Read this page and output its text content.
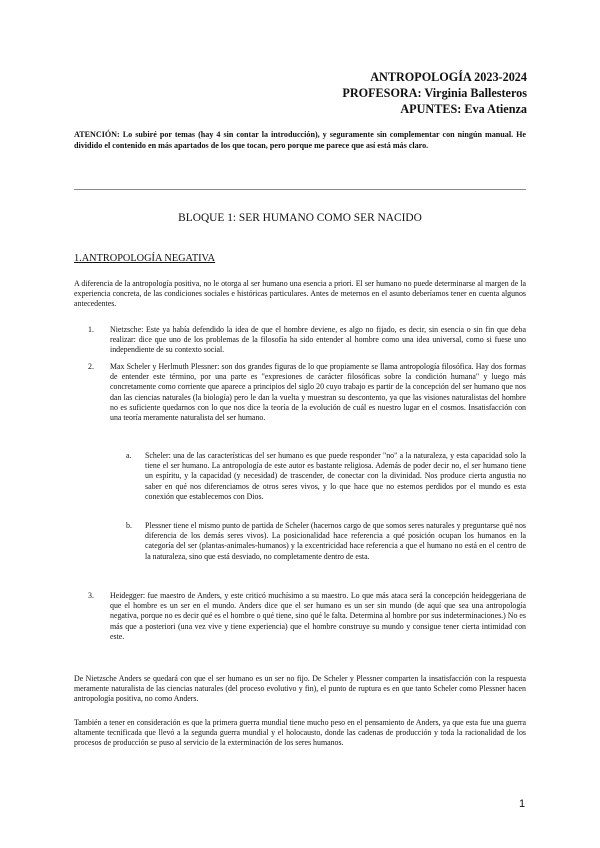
ANTROPOLOGÍA 2023-2024
PROFESORA: Virginia Ballesteros
APUNTES: Eva Atienza
ATENCIÓN: Lo subiré por temas (hay 4 sin contar la introducción), y seguramente sin complementar con ningún manual. He dividido el contenido en más apartados de los que tocan, pero porque me parece que así está más claro.
BLOQUE 1: SER HUMANO COMO SER NACIDO
1.ANTROPOLOGÍA NEGATIVA

A diferencia de la antropología positiva, no le otorga al ser humano una esencia a priori. El ser humano no puede determinarse al margen de la experiencia concreta, de las condiciones sociales e históricas particulares. Antes de meternos en el asunto deberíamos tener en cuenta algunos antecedentes.

1. Nietzsche: Este ya había defendido la idea de que el hombre deviene, es algo no fijado, es decir, sin esencia o sin fin que deba realizar: dice que uno de los problemas de la filosofía ha sido entender al hombre como una idea universal, como si fuese uno independiente de su contexto social.
2. Max Scheler y Herlmuth Plessner: son dos grandes figuras de lo que propiamente se llama antropología filosófica. Hay dos formas de entender este término, por una parte es "expresiones de carácter filosóficas sobre la condición humana" y luego más concretamente como corriente que aparece a principios del siglo 20 cuyo trabajo es partir de la concepción del ser humano que nos dan las ciencias naturales (la biología) pero le dan la vuelta y muestran su descontento, ya que las visiones naturalistas del hombre no es suficiente quedarnos con lo que nos dice la teoría de la evolución de cuál es nuestro lugar en el cosmos. Insatisfacción con una teoría meramente naturalista del ser humano.
a. Scheler: una de las características del ser humano es que puede responder "no" a la naturaleza, y esta capacidad solo la tiene el ser humano. La antropología de este autor es bastante religiosa. Además de poder decir no, el ser humano tiene un espíritu, y la capacidad (y necesidad) de trascender, de conectar con la divinidad. Nos produce cierta angustia no saber en qué nos diferenciamos de otros seres vivos, y lo que hace que no estemos perdidos por el mundo es esta conexión que establecemos con Dios.
b. Plessner tiene el mismo punto de partida de Scheler (hacernos cargo de que somos seres naturales y preguntarse qué nos diferencia de los demás seres vivos). La posicionalidad hace referencia a qué posición ocupan los humanos en la categoría del ser (plantas-animales-humanos) y la excentricidad hace referencia a que el humano no está en el centro de la naturaleza, sino que está desviado, no completamente dentro de esta.
3. Heidegger: fue maestro de Anders, y este criticó muchísimo a su maestro. Lo que más ataca será la concepción heideggeriana de que el hombre es un ser en el mundo. Anders dice que el ser humano es un ser sin mundo (de aquí que sea una antropología negativa, porque no es decir qué es el hombre o qué tiene, sino qué le falta. Determina al hombre por sus indeterminaciones.) No es más que a posteriori (una vez vive y tiene experiencia) que el hombre construye su mundo y consigue tener cierta intimidad con este.

De Nietzsche Anders se quedará con que el ser humano es un ser no fijo. De Scheler y Plessner comparten la insatisfacción con la respuesta meramente naturalista de las ciencias naturales (del proceso evolutivo y fin), el punto de ruptura es en que tanto Scheler como Plessner hacen antropología positiva, no como Anders.

También a tener en consideración es que la primera guerra mundial tiene mucho peso en el pensamiento de Anders, ya que esta fue una guerra altamente tecnificada que llevó a la segunda guerra mundial y el holocausto, donde las cadenas de producción y toda la racionalidad de los procesos de producción se puso al servicio de la exterminación de los seres humanos.

1
